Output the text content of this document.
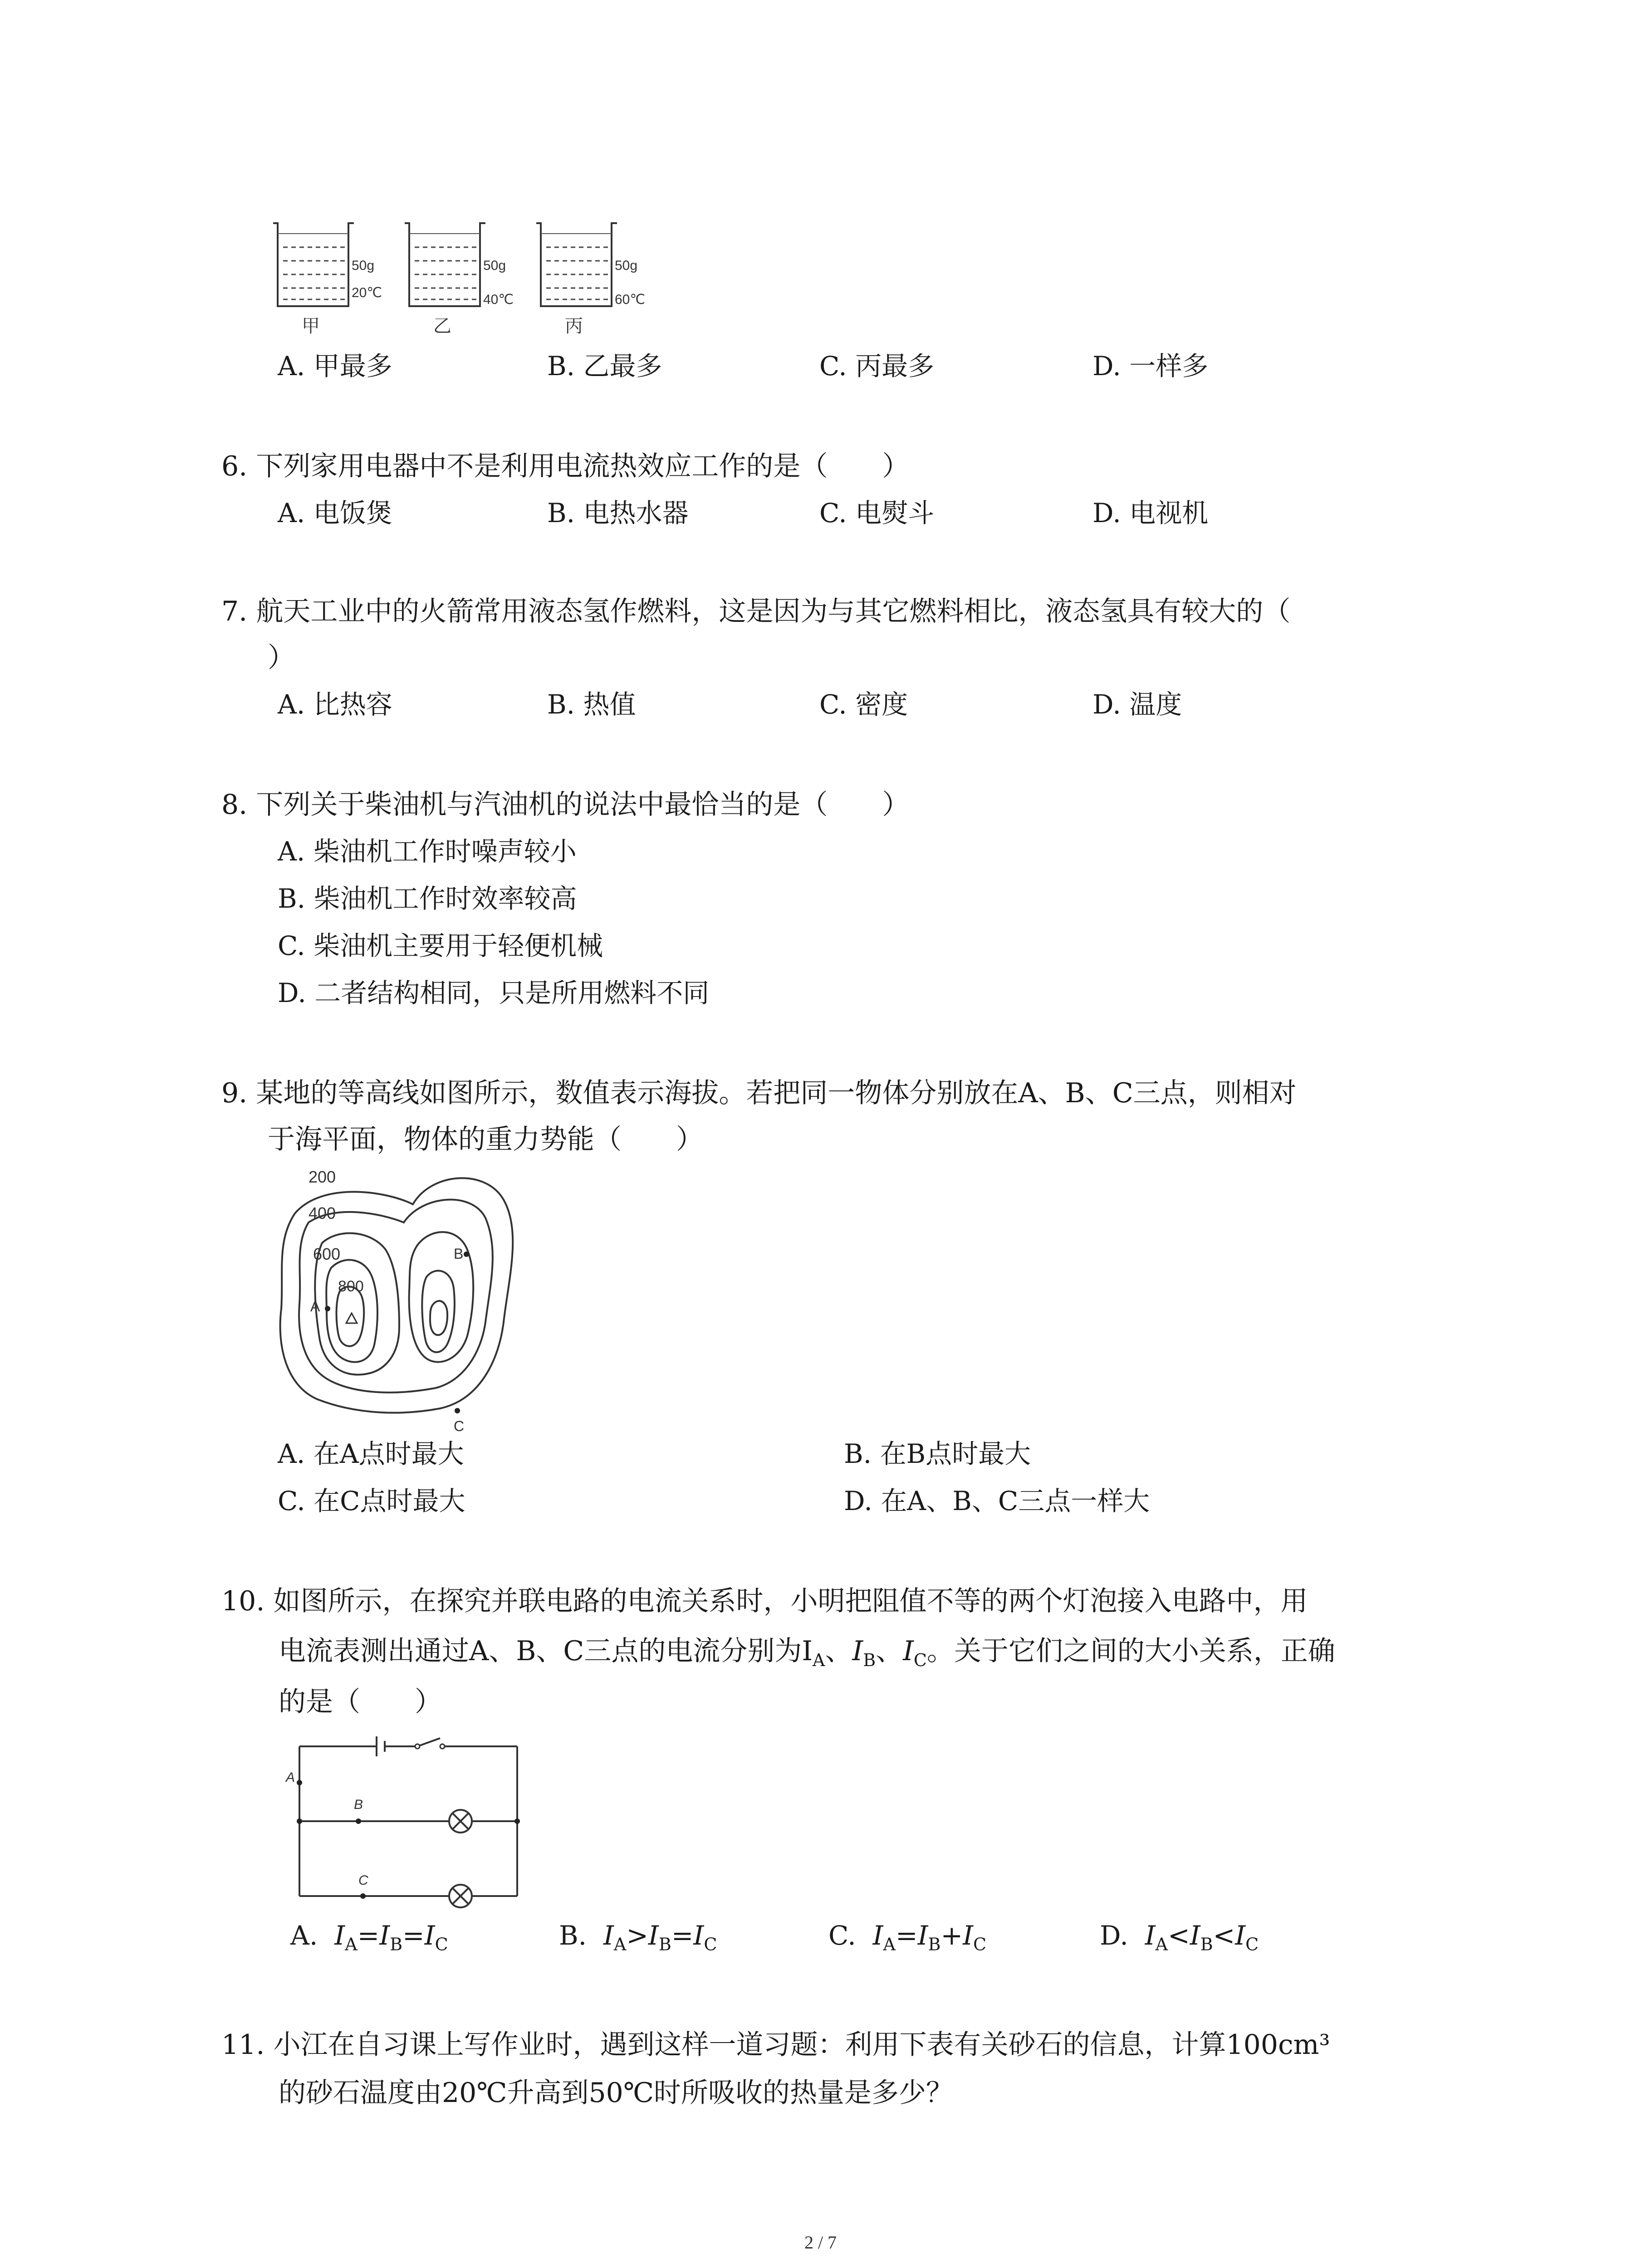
50g
20℃
甲
50g
40℃
乙
50g
60℃
丙
A. 甲最多	B. 乙最多	C. 丙最多	D. 一样多
6. 下列家用电器中不是利用电流热效应工作的是（　　）
A. 电饭煲	B. 电热水器	C. 电熨斗	D. 电视机
7. 航天工业中的火箭常用液态氢作燃料，这是因为与其它燃料相比，液态氢具有较大的（
）
A. 比热容	B. 热值	C. 密度	D. 温度
8. 下列关于柴油机与汽油机的说法中最恰当的是（　　）
A. 柴油机工作时噪声较小
B. 柴油机工作时效率较高
C. 柴油机主要用于轻便机械
D. 二者结构相同，只是所用燃料不同
9. 某地的等高线如图所示，数值表示海拔。若把同一物体分别放在A、B、C三点，则相对
于海平面，物体的重力势能（　　）
200
400
600
800
A
B
C
A. 在A点时最大	B. 在B点时最大
C. 在C点时最大	D. 在A、B、C三点一样大
10. 如图所示，在探究并联电路的电流关系时，小明把阻值不等的两个灯泡接入电路中，用
电流表测出通过A、B、C三点的电流分别为$I_A$、$I_B$、$I_C$。关于它们之间的大小关系，正确
的是（　　）
A
B
C
A. $I_A=I_B=I_C$	B. $I_A>I_B=I_C$	C. $I_A=I_B+I_C$	D. $I_A<I_B<I_C$
11. 小江在自习课上写作业时，遇到这样一道习题：利用下表有关砂石的信息，计算100cm³
的砂石温度由20℃升高到50℃时所吸收的热量是多少？
2 / 7
